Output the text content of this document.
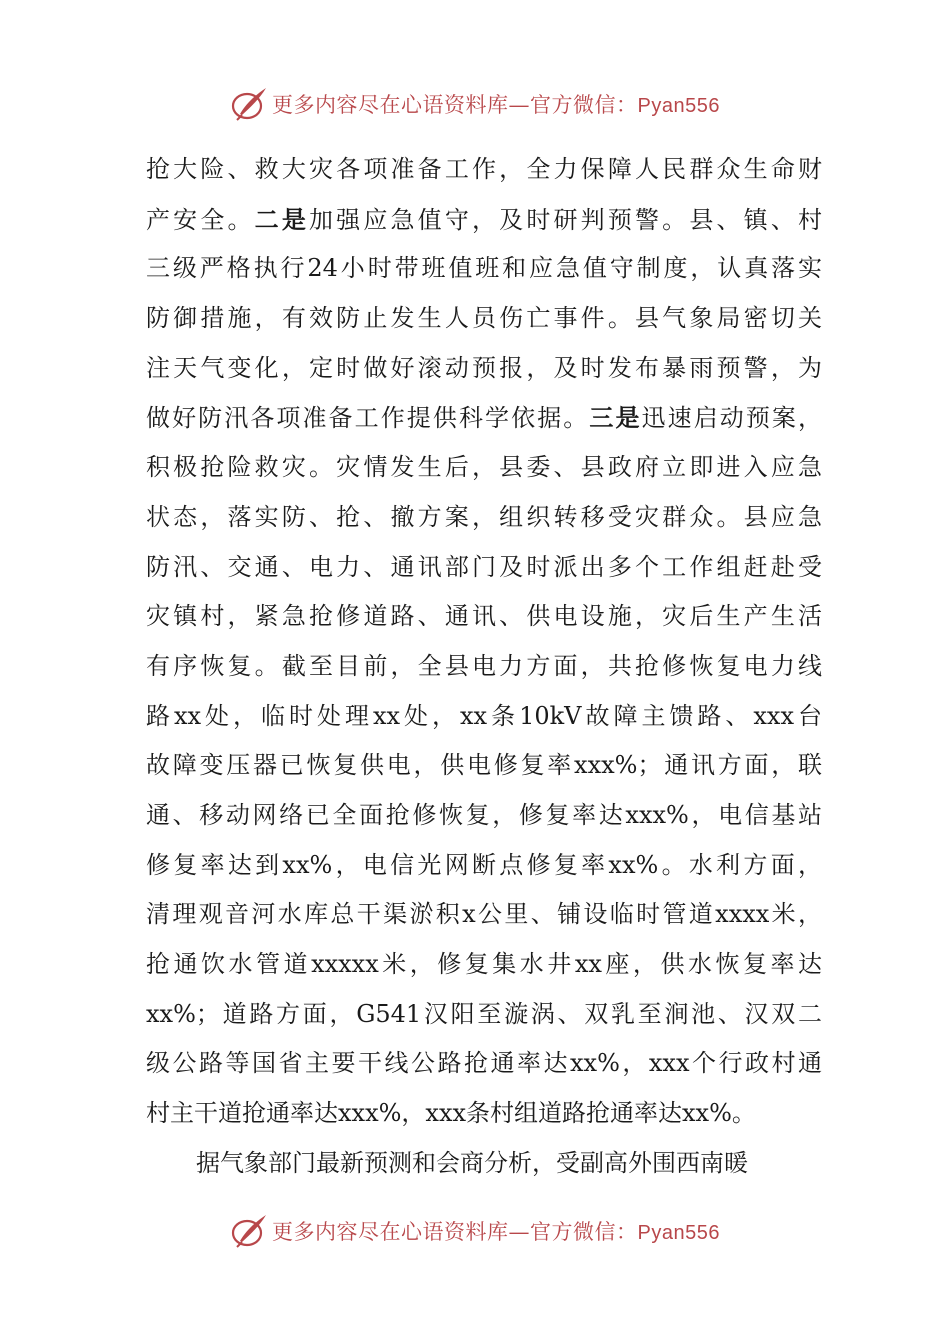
更多内容尽在心语资料库—官方微信：Pyan556
抢大险、救大灾各项准备工作，全力保障人民群众生命财
产安全。二是加强应急值守，及时研判预警。县、镇、村
三级严格执行24小时带班值班和应急值守制度，认真落实
防御措施，有效防止发生人员伤亡事件。县气象局密切关
注天气变化，定时做好滚动预报，及时发布暴雨预警，为
做好防汛各项准备工作提供科学依据。三是迅速启动预案，
积极抢险救灾。灾情发生后，县委、县政府立即进入应急
状态，落实防、抢、撤方案，组织转移受灾群众。县应急
防汛、交通、电力、通讯部门及时派出多个工作组赶赴受
灾镇村，紧急抢修道路、通讯、供电设施，灾后生产生活
有序恢复。截至目前，全县电力方面，共抢修恢复电力线
路xx处，临时处理xx处，xx条10kV故障主馈路、xxx台
故障变压器已恢复供电，供电修复率xxx%；通讯方面，联
通、移动网络已全面抢修恢复，修复率达xxx%，电信基站
修复率达到xx%，电信光网断点修复率xx%。水利方面，
清理观音河水库总干渠淤积x公里、铺设临时管道xxxx米，
抢通饮水管道xxxxx米，修复集水井xx座，供水恢复率达
xx%；道路方面，G541汉阳至漩涡、双乳至涧池、汉双二
级公路等国省主要干线公路抢通率达xx%，xxx个行政村通
村主干道抢通率达xxx%，xxx条村组道路抢通率达xx%。
据气象部门最新预测和会商分析，受副高外围西南暖
更多内容尽在心语资料库—官方微信：Pyan556
